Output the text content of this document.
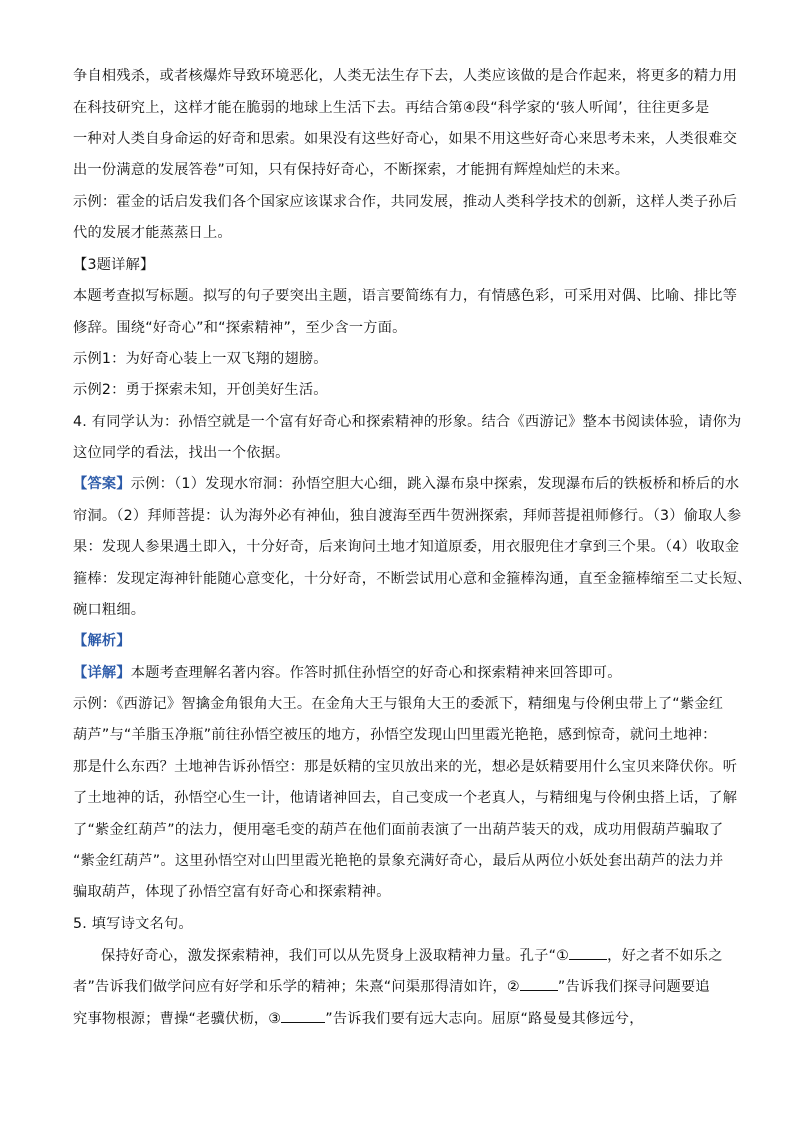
争自相残杀，或者核爆炸导致环境恶化，人类无法生存下去，人类应该做的是合作起来，将更多的精力用
在科技研究上，这样才能在脆弱的地球上生活下去。再结合第④段“科学家的‘骇人听闻’，往往更多是
一种对人类自身命运的好奇和思索。如果没有这些好奇心，如果不用这些好奇心来思考未来，人类很难交
出一份满意的发展答卷”可知，只有保持好奇心，不断探索，才能拥有辉煌灿烂的未来。
示例：霍金的话启发我们各个国家应该谋求合作，共同发展，推动人类科学技术的创新，这样人类子孙后
代的发展才能蒸蒸日上。
【3题详解】
本题考查拟写标题。拟写的句子要突出主题，语言要简练有力，有情感色彩，可采用对偶、比喻、排比等
修辞。围绕“好奇心”和“探索精神”，至少含一方面。
示例1：为好奇心装上一双飞翔的翅膀。
示例2：勇于探索未知，开创美好生活。
4. 有同学认为：孙悟空就是一个富有好奇心和探索精神的形象。结合《西游记》整本书阅读体验，请你为
这位同学的看法，找出一个依据。
【答案】示例：（1）发现水帘洞：孙悟空胆大心细，跳入瀑布泉中探索，发现瀑布后的铁板桥和桥后的水
帘洞。（2）拜师菩提：认为海外必有神仙，独自渡海至西牛贺洲探索，拜师菩提祖师修行。（3）偷取人参
果：发现人参果遇土即入，十分好奇，后来询问土地才知道原委，用衣服兜住才拿到三个果。（4）收取金
箍棒：发现定海神针能随心意变化，十分好奇，不断尝试用心意和金箍棒沟通，直至金箍棒缩至二丈长短、
碗口粗细。
【解析】
【详解】本题考查理解名著内容。作答时抓住孙悟空的好奇心和探索精神来回答即可。
示例：《西游记》智擒金角银角大王。在金角大王与银角大王的委派下，精细鬼与伶俐虫带上了“紫金红
葫芦”与“羊脂玉净瓶”前往孙悟空被压的地方，孙悟空发现山凹里霞光艳艳，感到惊奇，就问土地神：
那是什么东西？土地神告诉孙悟空：那是妖精的宝贝放出来的光，想必是妖精要用什么宝贝来降伏你。听
了土地神的话，孙悟空心生一计，他请诸神回去，自己变成一个老真人，与精细鬼与伶俐虫搭上话，了解
了“紫金红葫芦”的法力，便用毫毛变的葫芦在他们面前表演了一出葫芦装天的戏，成功用假葫芦骗取了
“紫金红葫芦”。这里孙悟空对山凹里霞光艳艳的景象充满好奇心，最后从两位小妖处套出葫芦的法力并
骗取葫芦，体现了孙悟空富有好奇心和探索精神。
5. 填写诗文名句。
保持好奇心，激发探索精神，我们可以从先贤身上汲取精神力量。孔子“①	，好之者不如乐之
者”告诉我们做学问应有好学和乐学的精神；朱熹“问渠那得清如许，②	”告诉我们探寻问题要追
究事物根源；曹操“老骥伏枥，③	”告诉我们要有远大志向。屈原“路曼曼其修远兮，
